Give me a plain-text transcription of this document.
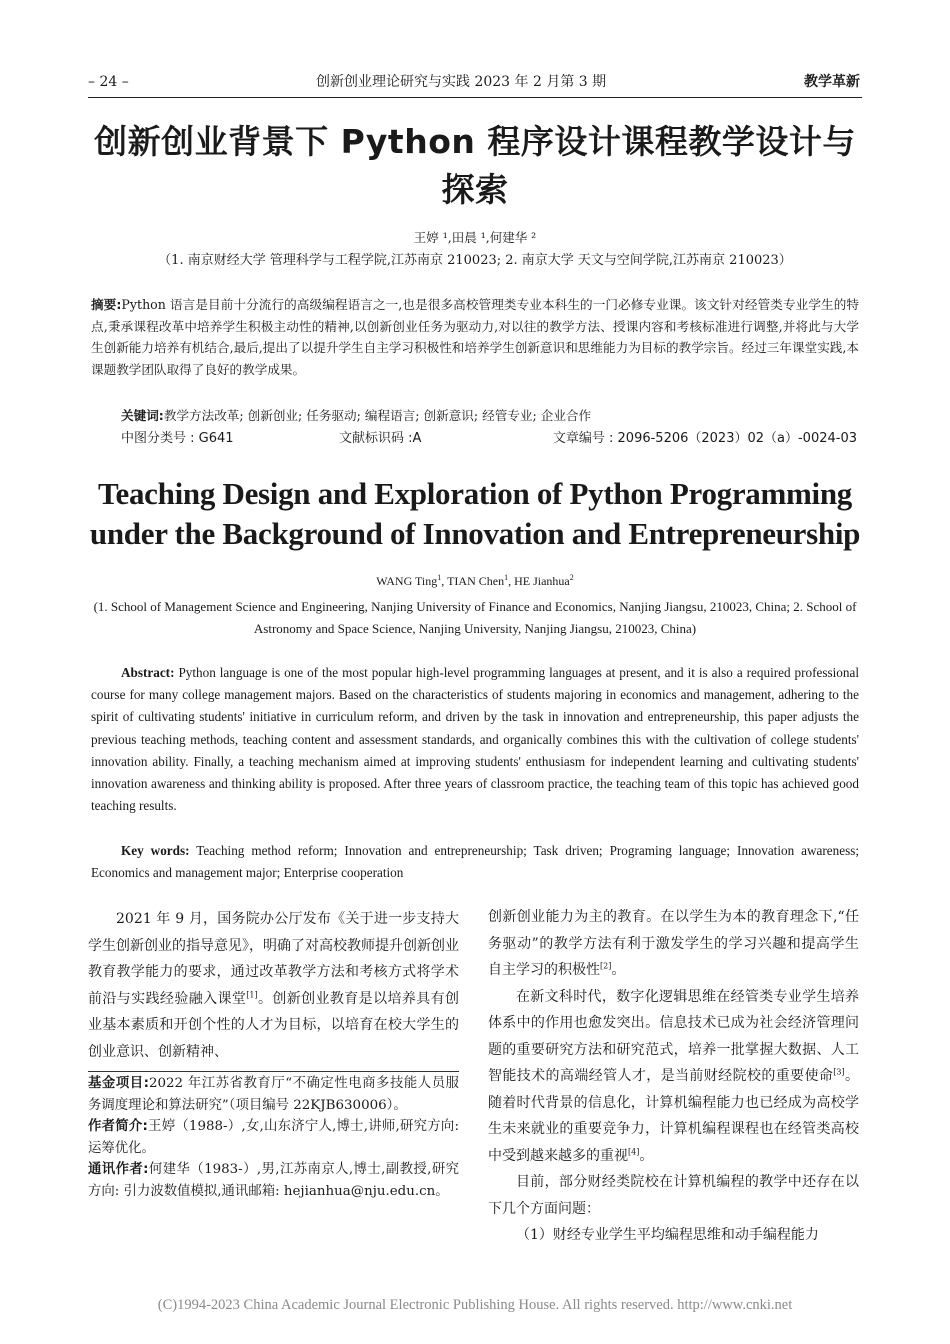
– 24 –	创新创业理论研究与实践 2023 年 2 月第 3 期	教学革新
创新创业背景下 Python 程序设计课程教学设计与
探索
王婷 ¹,田晨 ¹,何建华 ²
（1. 南京财经大学 管理科学与工程学院,江苏南京 210023; 2. 南京大学 天文与空间学院,江苏南京 210023）
摘要:Python 语言是目前十分流行的高级编程语言之一,也是很多高校管理类专业本科生的一门必修专业课。该文针对经管类专业学生的特点,秉承课程改革中培养学生积极主动性的精神,以创新创业任务为驱动力,对以往的教学方法、授课内容和考核标准进行调整,并将此与大学生创新能力培养有机结合,最后,提出了以提升学生自主学习积极性和培养学生创新意识和思维能力为目标的教学宗旨。经过三年课堂实践,本课题教学团队取得了良好的教学成果。
关键词:教学方法改革; 创新创业; 任务驱动; 编程语言; 创新意识; 经管专业; 企业合作
中图分类号 : G641	文献标识码 :A	文章编号 : 2096-5206（2023）02（a）-0024-03
Teaching Design and Exploration of Python Programming
under the Background of Innovation and Entrepreneurship
WANG Ting$^1$, TIAN Chen$^1$, HE Jianhua$^2$
(1. School of Management Science and Engineering, Nanjing University of Finance and Economics, Nanjing Jiangsu, 210023, China; 2. School of Astronomy and Space Science, Nanjing University, Nanjing Jiangsu, 210023, China)
Abstract: Python language is one of the most popular high-level programming languages at present, and it is also a required professional course for many college management majors. Based on the characteristics of students majoring in economics and management, adhering to the spirit of cultivating students' initiative in curriculum reform, and driven by the task in innovation and entrepreneurship, this paper adjusts the previous teaching methods, teaching content and assessment standards, and organically combines this with the cultivation of college students' innovation ability. Finally, a teaching mechanism aimed at improving students' enthusiasm for independent learning and cultivating students' innovation awareness and thinking ability is proposed. After three years of classroom practice, the teaching team of this topic has achieved good teaching results.
Key words: Teaching method reform; Innovation and entrepreneurship; Task driven; Programing language; Innovation awareness; Economics and management major; Enterprise cooperation

2021 年 9 月，国务院办公厅发布《关于进一步支持大学生创新创业的指导意见》，明确了对高校教师提升创新创业教育教学能力的要求，通过改革教学方法和考核方式将学术前沿与实践经验融入课堂[1]。创新创业教育是以培养具有创业基本素质和开创个性的人才为目标，以培育在校大学生的创业意识、创新精神、

基金项目:2022 年江苏省教育厅“不确定性电商多技能人员服务调度理论和算法研究”（项目编号 22KJB630006）。

作者简介:王婷（1988-）,女,山东济宁人,博士,讲师,研究方向: 运筹优化。

通讯作者:何建华（1983-）,男,江苏南京人,博士,副教授,研究方向: 引力波数值模拟,通讯邮箱: hejianhua@nju.edu.cn。

创新创业能力为主的教育。在以学生为本的教育理念下,“任务驱动”的教学方法有利于激发学生的学习兴趣和提高学生自主学习的积极性[2]。

在新文科时代，数字化逻辑思维在经管类专业学生培养体系中的作用也愈发突出。信息技术已成为社会经济管理问题的重要研究方法和研究范式，培养一批掌握大数据、人工智能技术的高端经管人才，是当前财经院校的重要使命[3]。随着时代背景的信息化，计算机编程能力也已经成为高校学生未来就业的重要竞争力，计算机编程课程也在经管类高校中受到越来越多的重视[4]。

目前，部分财经类院校在计算机编程的教学中还存在以下几个方面问题：

（1）财经专业学生平均编程思维和动手编程能力

(C)1994-2023 China Academic Journal Electronic Publishing House. All rights reserved. http://www.cnki.net
